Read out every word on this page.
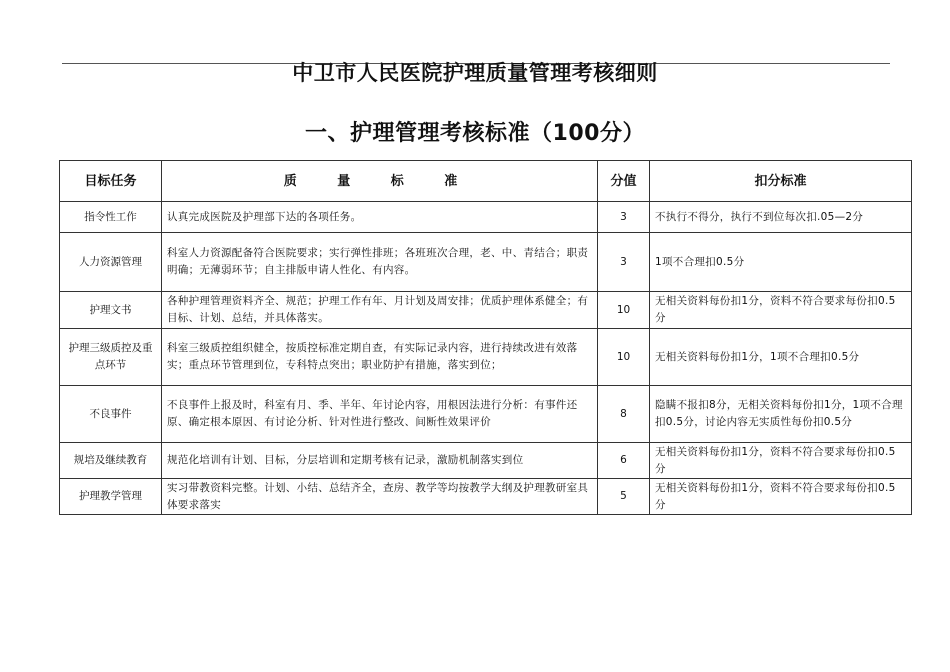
中卫市人民医院护理质量管理考核细则
一、护理管理考核标准（100分）
目标任务	质 量 标 准	分值	扣分标准
指令性工作	认真完成医院及护理部下达的各项任务。	3	不执行不得分，执行不到位每次扣.05—2分
人力资源管理	科室人力资源配备符合医院要求；实行弹性排班；各班班次合理，老、中、青结合；职责明确；无薄弱环节；自主排版申请人性化、有内容。	3	1项不合理扣0.5分
护理文书	各种护理管理资料齐全、规范；护理工作有年、月计划及周安排；优质护理体系健全；有目标、计划、总结，并具体落实。	10	无相关资料每份扣1分，资料不符合要求每份扣0.5分
护理三级质控及重点环节	科室三级质控组织健全，按质控标准定期自查，有实际记录内容，进行持续改进有效落实；重点环节管理到位，专科特点突出；职业防护有措施，落实到位；	10	无相关资料每份扣1分，1项不合理扣0.5分
不良事件	不良事件上报及时，科室有月、季、半年、年讨论内容，用根因法进行分析：有事件还原、确定根本原因、有讨论分析、针对性进行整改、间断性效果评价	8	隐瞒不报扣8分，无相关资料每份扣1分，1项不合理扣0.5分，讨论内容无实质性每份扣0.5分
规培及继续教育	规范化培训有计划、目标，分层培训和定期考核有记录，激励机制落实到位	6	无相关资料每份扣1分，资料不符合要求每份扣0.5分
护理教学管理	实习带教资料完整。计划、小结、总结齐全，查房、教学等均按教学大纲及护理教研室具体要求落实	5	无相关资料每份扣1分，资料不符合要求每份扣0.5分
